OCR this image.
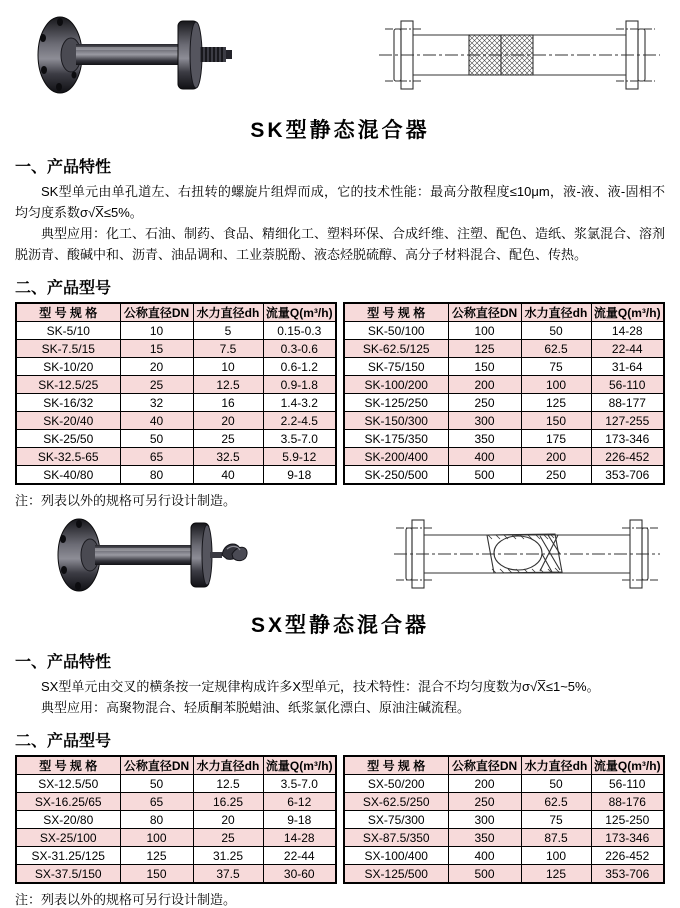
SK型静态混合器
一、产品特性

SK型单元由单孔道左、右扭转的螺旋片组焊而成，它的技术性能：最高分散程度≤10μm，液-液、液-固相不均匀度系数σ√X̅≤5%。

典型应用：化工、石油、制药、食品、精细化工、塑料环保、合成纤维、注塑、配色、造纸、浆氯混合、溶剂脱沥青、酸碱中和、沥青、油品调和、工业萘脱酚、液态烃脱硫醇、高分子材料混合、配色、传热。

二、产品型号
型 号 规 格	公称直径DN	水力直径dh	流量Q(m³/h)
SK-5/10	10	5	0.15-0.3
SK-7.5/15	15	7.5	0.3-0.6
SK-10/20	20	10	0.6-1.2
SK-12.5/25	25	12.5	0.9-1.8
SK-16/32	32	16	1.4-3.2
SK-20/40	40	20	2.2-4.5
SK-25/50	50	25	3.5-7.0
SK-32.5-65	65	32.5	5.9-12
SK-40/80	80	40	9-18
型 号 规 格	公称直径DN	水力直径dh	流量Q(m³/h)
SK-50/100	100	50	14-28
SK-62.5/125	125	62.5	22-44
SK-75/150	150	75	31-64
SK-100/200	200	100	56-110
SK-125/250	250	125	88-177
SK-150/300	300	150	127-255
SK-175/350	350	175	173-346
SK-200/400	400	200	226-452
SK-250/500	500	250	353-706

注：列表以外的规格可另行设计制造。

SX型静态混合器
一、产品特性

SX型单元由交叉的横条按一定规律构成许多X型单元，技术特性：混合不均匀度数为σ√X̅≤1~5%。

典型应用：高聚物混合、轻质酮苯脱蜡油、纸浆氯化漂白、原油注碱流程。

二、产品型号
型 号 规 格	公称直径DN	水力直径dh	流量Q(m³/h)
SX-12.5/50	50	12.5	3.5-7.0
SX-16.25/65	65	16.25	6-12
SX-20/80	80	20	9-18
SX-25/100	100	25	14-28
SX-31.25/125	125	31.25	22-44
SX-37.5/150	150	37.5	30-60
型 号 规 格	公称直径DN	水力直径dh	流量Q(m³/h)
SX-50/200	200	50	56-110
SX-62.5/250	250	62.5	88-176
SX-75/300	300	75	125-250
SX-87.5/350	350	87.5	173-346
SX-100/400	400	100	226-452
SX-125/500	500	125	353-706

注：列表以外的规格可另行设计制造。
